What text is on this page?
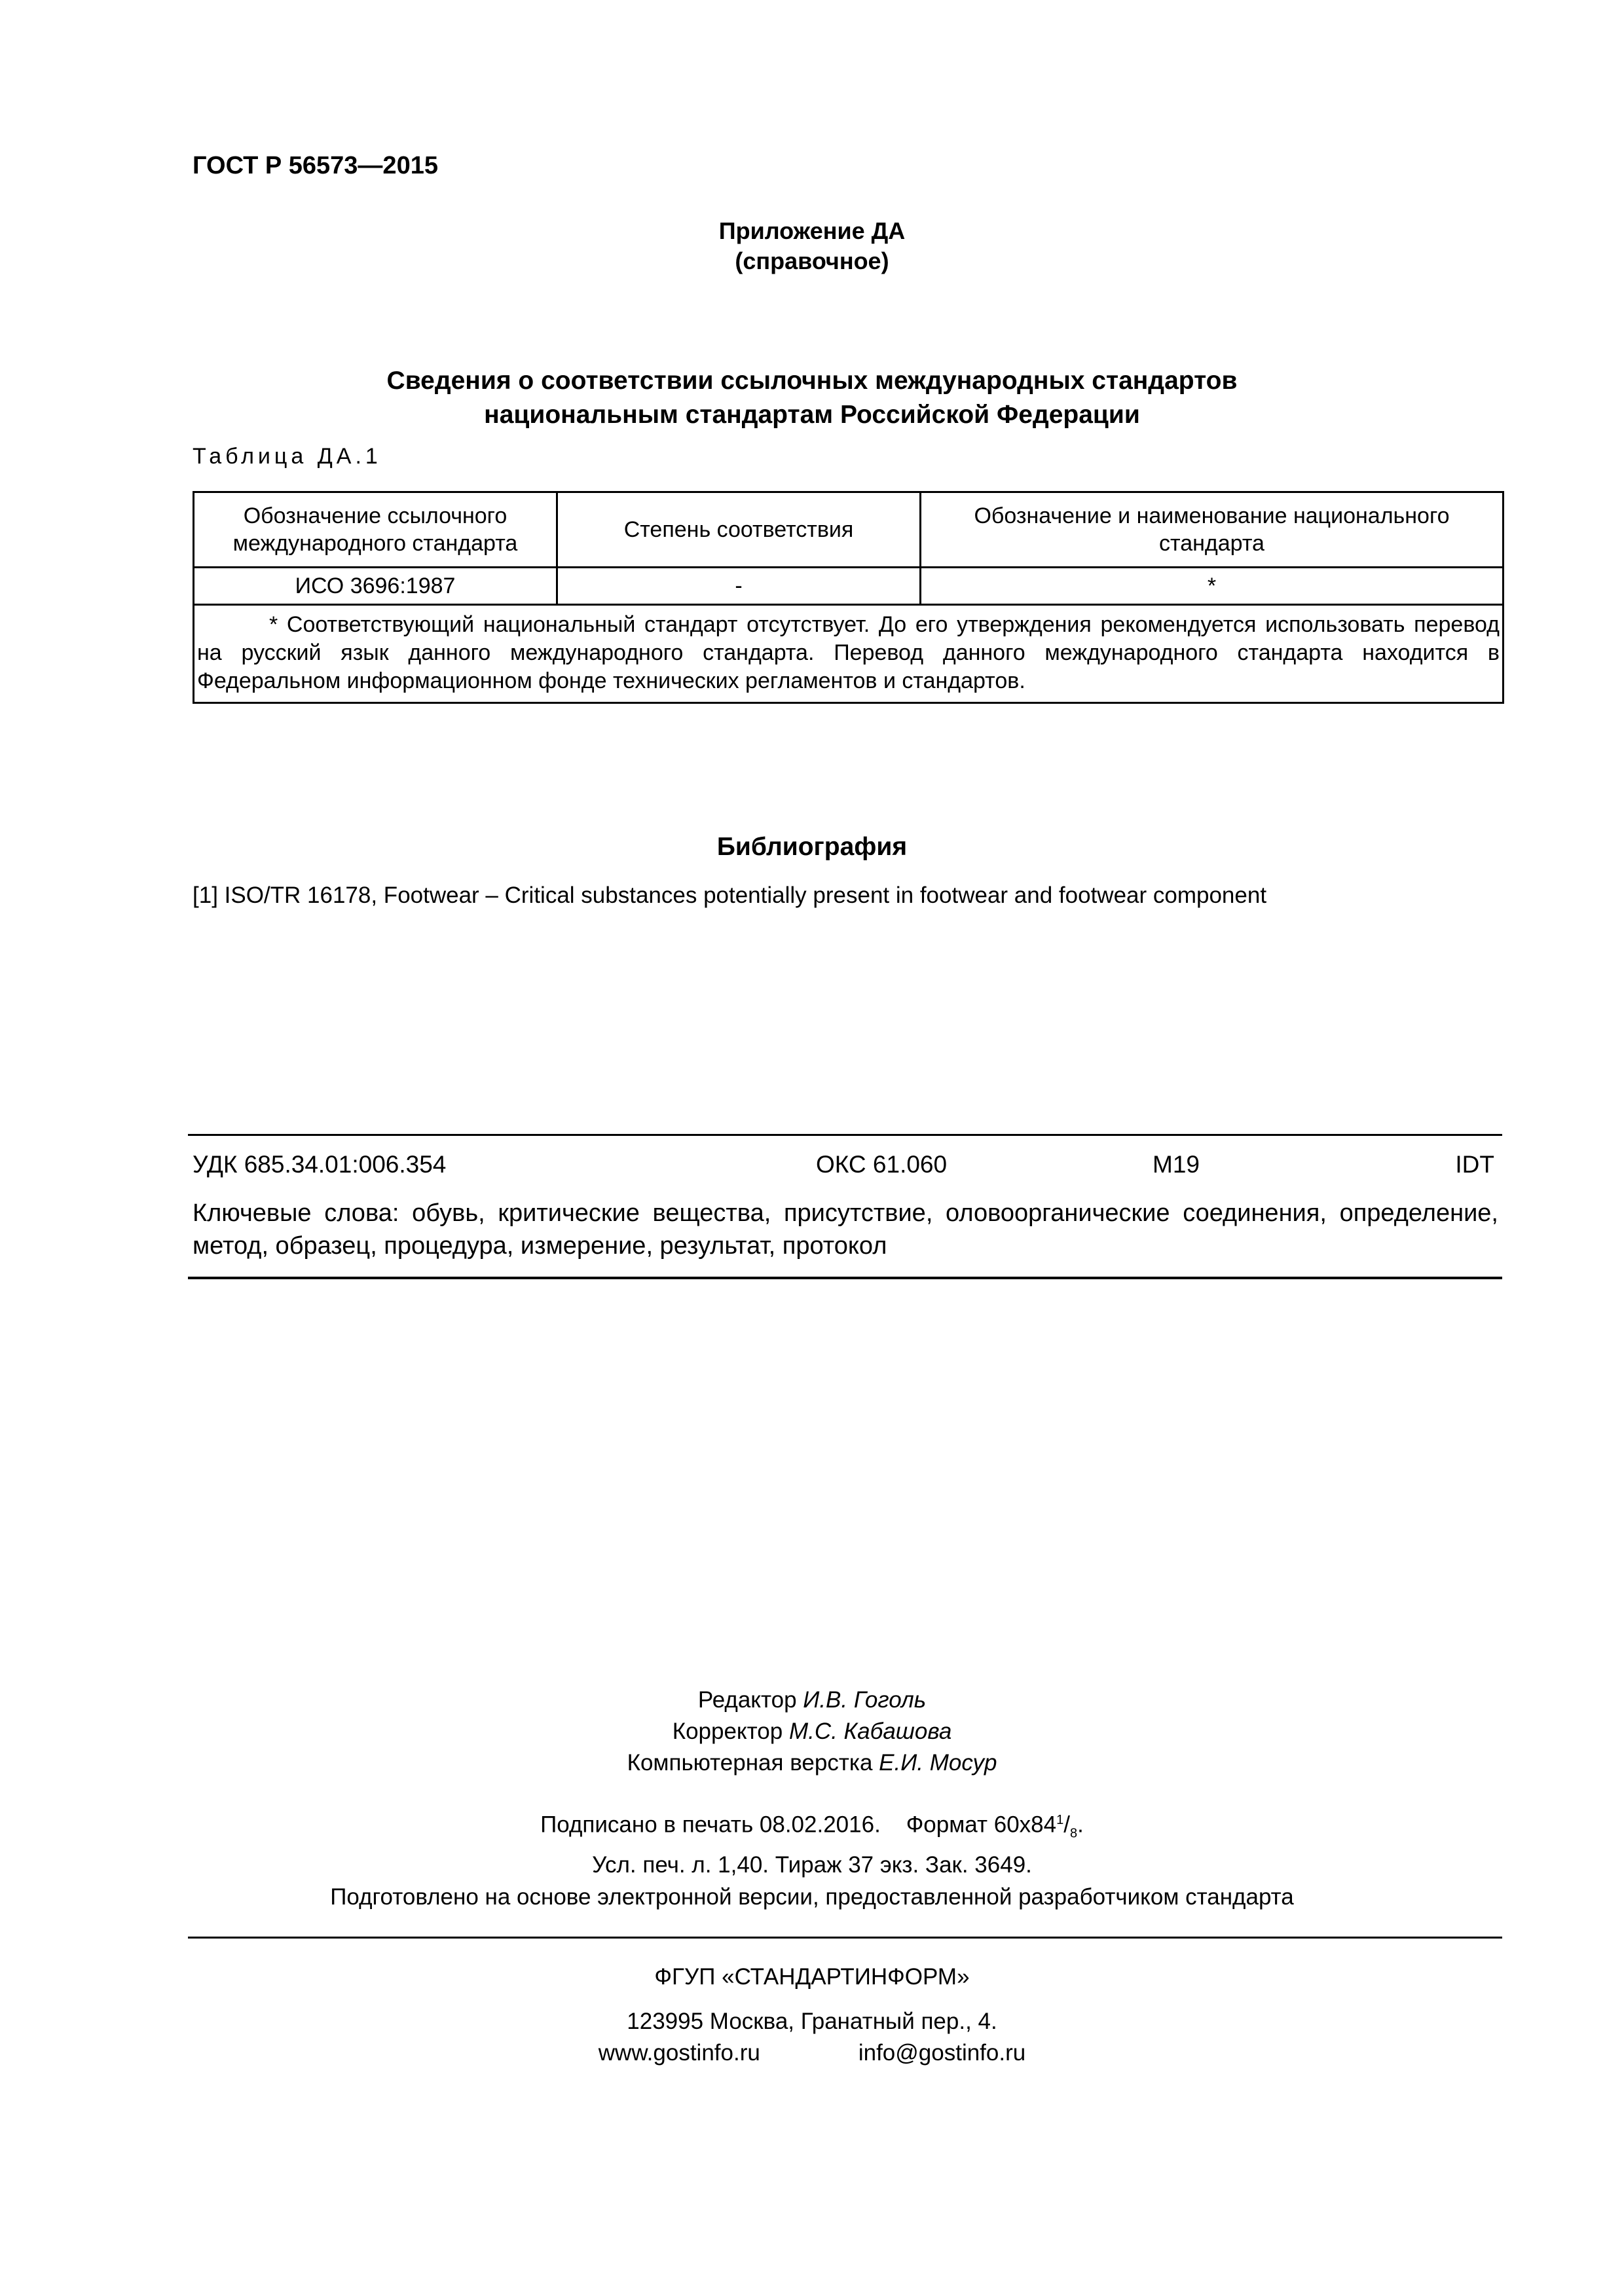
ГОСТ Р 56573—2015
Приложение ДА
(справочное)
Сведения о соответствии ссылочных международных стандартов
национальным стандартам Российской Федерации
Таблица ДА.1
Обозначение ссылочного международного стандарта	Степень соответствия	Обозначение и наименование национального стандарта
ИСО 3696:1987	-	*
* Соответствующий национальный стандарт отсутствует. До его утверждения рекомендуется использовать перевод на русский язык данного международного стандарта. Перевод данного международного стандарта находится в Федеральном информационном фонде технических регламентов и стандартов.		
Библиография
[1] ISO/TR 16178, Footwear – Critical substances potentially present in footwear and footwear component
УДК 685.34.01:006.354	ОКС 61.060	М19	IDT
Ключевые слова: обувь, критические вещества, присутствие, оловоорганические соединения, определение, метод, образец, процедура, измерение, результат, протокол
Редактор И.В. Гоголь
Корректор М.С. Кабашова
Компьютерная верстка Е.И. Мосур
Подписано в печать 08.02.2016. Формат $60x84^1/_8$.
Усл. печ. л. 1,40. Тираж 37 экз. Зак. 3649.
Подготовлено на основе электронной версии, предоставленной разработчиком стандарта
ФГУП «СТАНДАРТИНФОРМ»
123995 Москва, Гранатный пер., 4.
www.gostinfo.ru	info@gostinfo.ru
